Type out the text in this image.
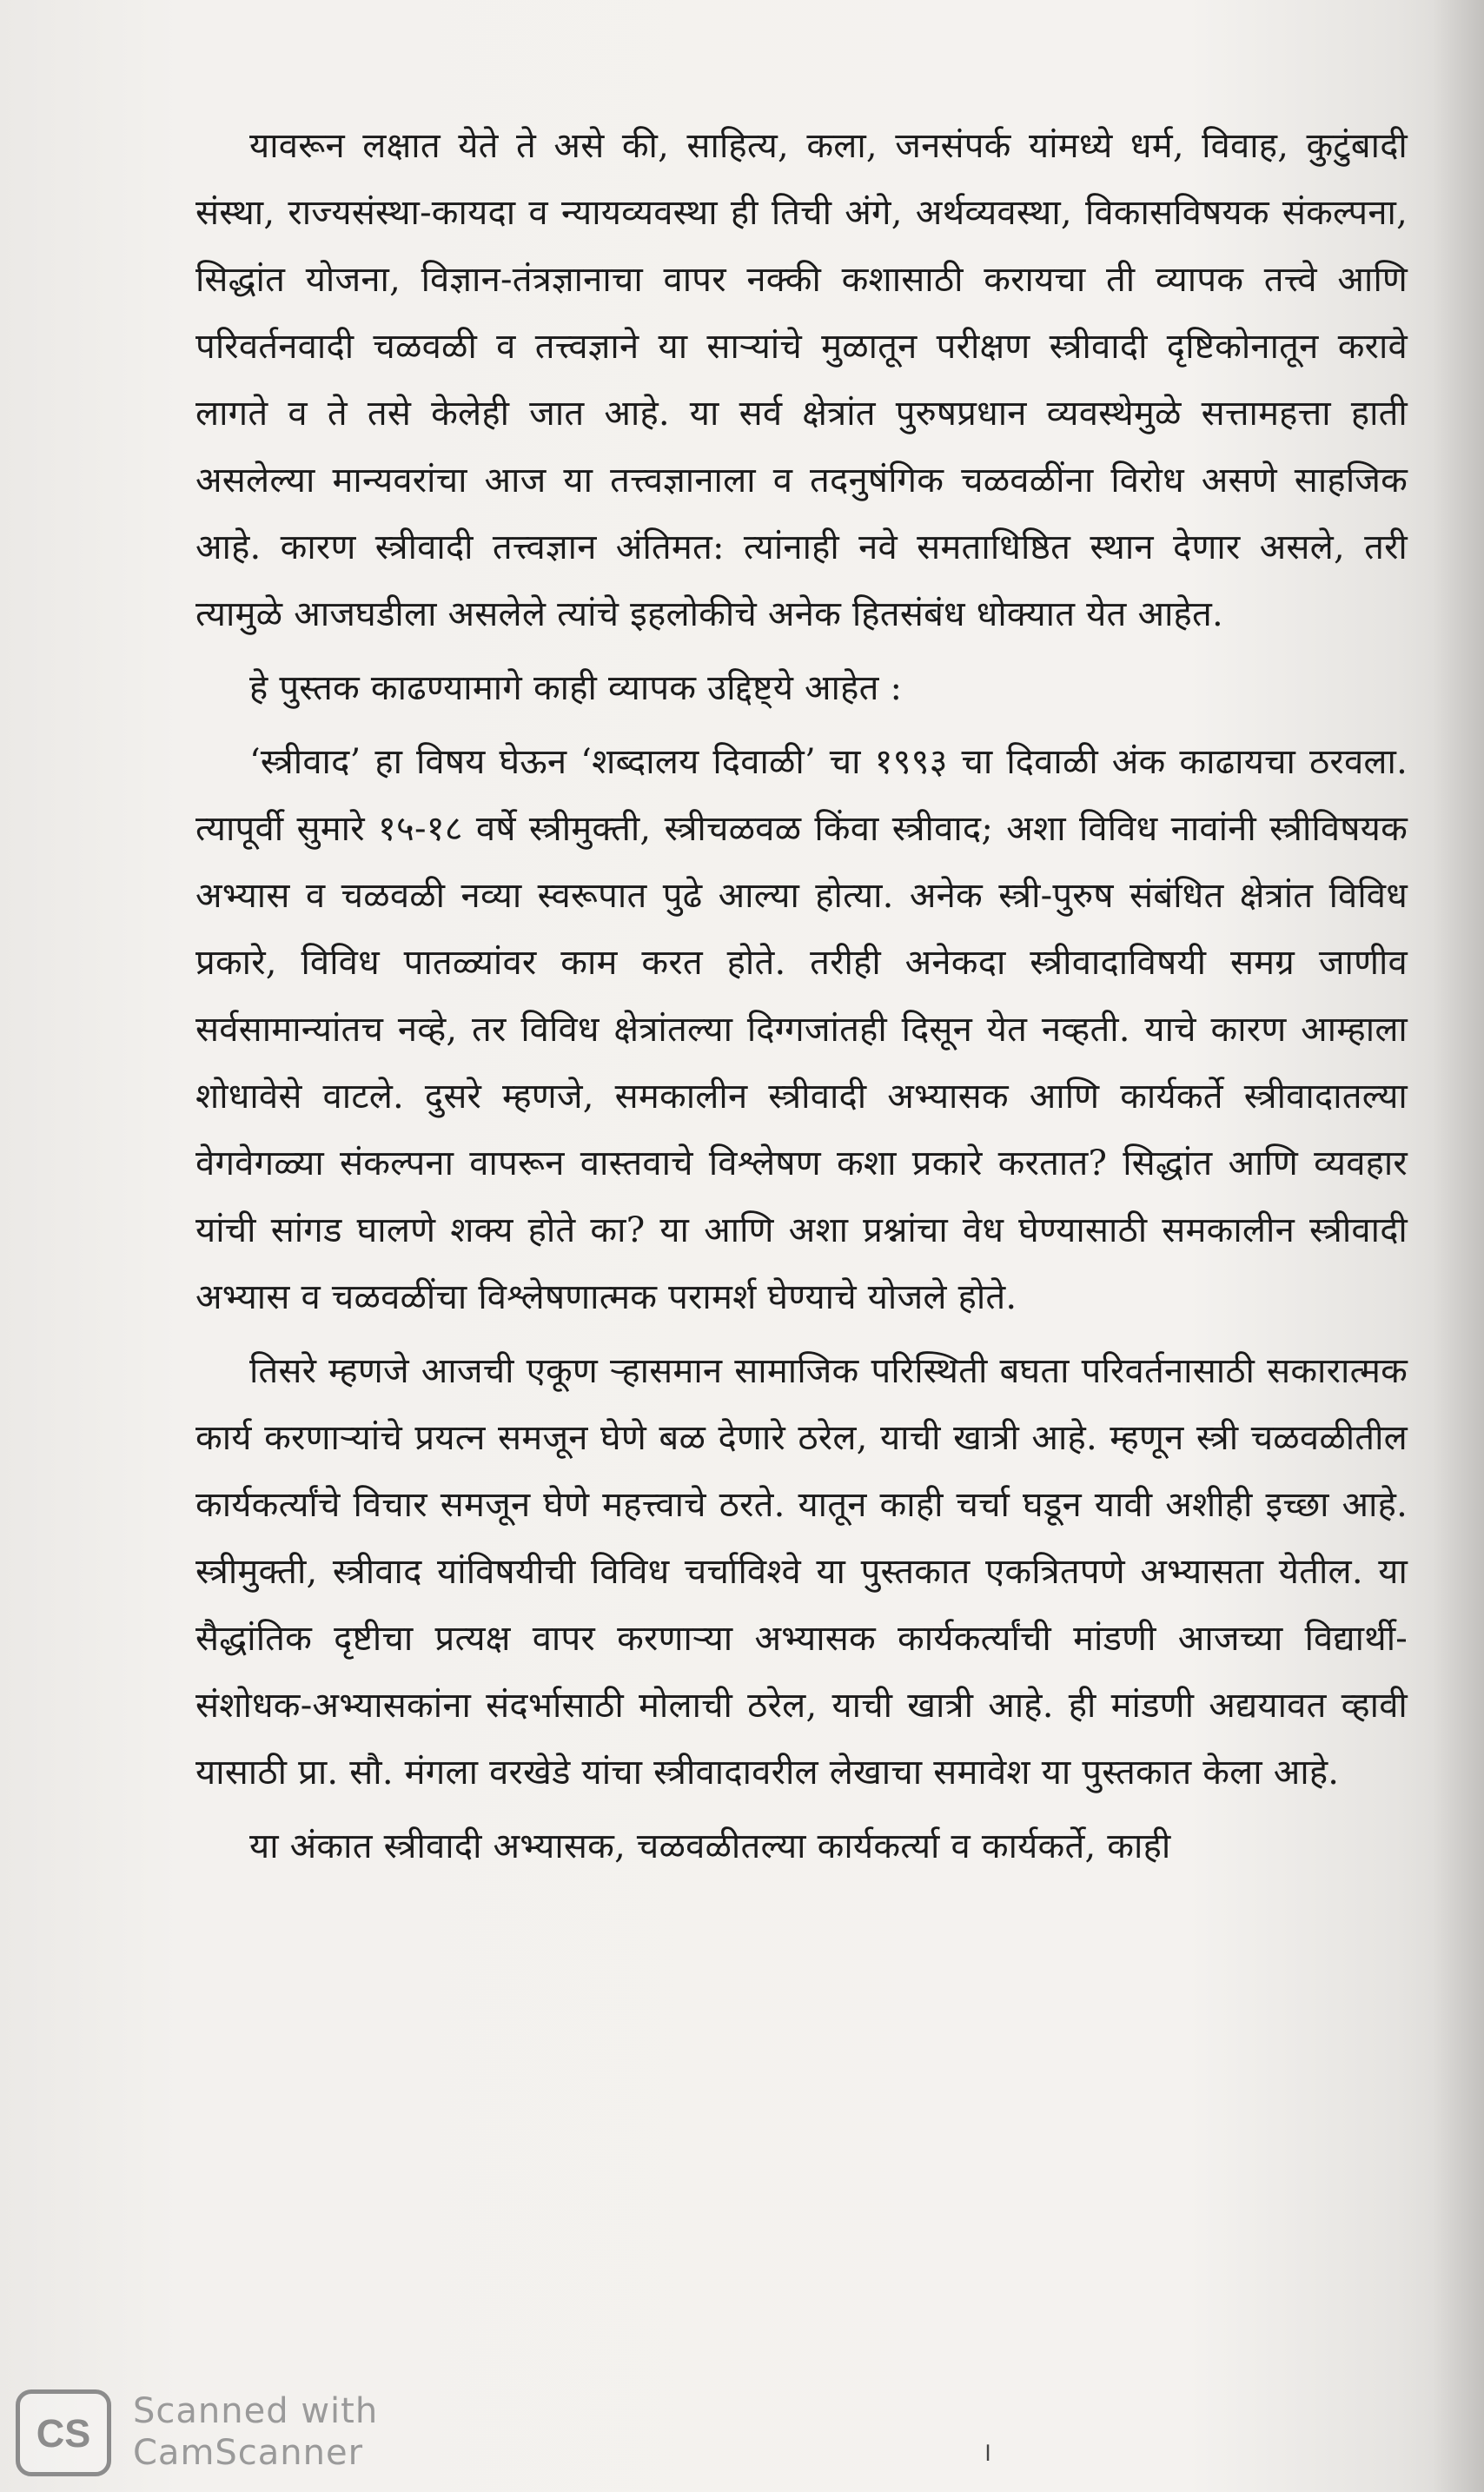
यावरून लक्षात येते ते असे की, साहित्य, कला, जनसंपर्क यांमध्ये धर्म, विवाह, कुटुंबादी संस्था, राज्यसंस्था-कायदा व न्यायव्यवस्था ही तिची अंगे, अर्थव्यवस्था, विकासविषयक संकल्पना, सिद्धांत योजना, विज्ञान-तंत्रज्ञानाचा वापर नक्की कशासाठी करायचा ती व्यापक तत्त्वे आणि परिवर्तनवादी चळवळी व तत्त्वज्ञाने या साऱ्यांचे मुळातून परीक्षण स्त्रीवादी दृष्टिकोनातून करावे लागते व ते तसे केलेही जात आहे. या सर्व क्षेत्रांत पुरुषप्रधान व्यवस्थेमुळे सत्तामहत्ता हाती असलेल्या मान्यवरांचा आज या तत्त्वज्ञानाला व तदनुषंगिक चळवळींना विरोध असणे साहजिक आहे. कारण स्त्रीवादी तत्त्वज्ञान अंतिमत: त्यांनाही नवे समताधिष्ठित स्थान देणार असले, तरी त्यामुळे आजघडीला असलेले त्यांचे इहलोकीचे अनेक हितसंबंध धोक्यात येत आहेत.

हे पुस्तक काढण्यामागे काही व्यापक उद्दिष्ट्ये आहेत :

‘स्त्रीवाद’ हा विषय घेऊन ‘शब्दालय दिवाळी’ चा १९९३ चा दिवाळी अंक काढायचा ठरवला. त्यापूर्वी सुमारे १५-१८ वर्षे स्त्रीमुक्ती, स्त्रीचळवळ किंवा स्त्रीवाद; अशा विविध नावांनी स्त्रीविषयक अभ्यास व चळवळी नव्या स्वरूपात पुढे आल्या होत्या. अनेक स्त्री-पुरुष संबंधित क्षेत्रांत विविध प्रकारे, विविध पातळ्यांवर काम करत होते. तरीही अनेकदा स्त्रीवादाविषयी समग्र जाणीव सर्वसामान्यांतच नव्हे, तर विविध क्षेत्रांतल्या दिग्गजांतही दिसून येत नव्हती. याचे कारण आम्हाला शोधावेसे वाटले. दुसरे म्हणजे, समकालीन स्त्रीवादी अभ्यासक आणि कार्यकर्ते स्त्रीवादातल्या वेगवेगळ्या संकल्पना वापरून वास्तवाचे विश्लेषण कशा प्रकारे करतात? सिद्धांत आणि व्यवहार यांची सांगड घालणे शक्य होते का? या आणि अशा प्रश्नांचा वेध घेण्यासाठी समकालीन स्त्रीवादी अभ्यास व चळवळींचा विश्लेषणात्मक परामर्श घेण्याचे योजले होते.

तिसरे म्हणजे आजची एकूण ऱ्हासमान सामाजिक परिस्थिती बघता परिवर्तनासाठी सकारात्मक कार्य करणाऱ्यांचे प्रयत्न समजून घेणे बळ देणारे ठरेल, याची खात्री आहे. म्हणून स्त्री चळवळीतील कार्यकर्त्यांचे विचार समजून घेणे महत्त्वाचे ठरते. यातून काही चर्चा घडून यावी अशीही इच्छा आहे. स्त्रीमुक्ती, स्त्रीवाद यांविषयीची विविध चर्चाविश्वे या पुस्तकात एकत्रितपणे अभ्यासता येतील. या सैद्धांतिक दृष्टीचा प्रत्यक्ष वापर करणाऱ्या अभ्यासक कार्यकर्त्यांची मांडणी आजच्या विद्यार्थी-संशोधक-अभ्यासकांना संदर्भासाठी मोलाची ठरेल, याची खात्री आहे. ही मांडणी अद्ययावत व्हावी यासाठी प्रा. सौ. मंगला वरखेडे यांचा स्त्रीवादावरील लेखाचा समावेश या पुस्तकात केला आहे.

या अंकात स्त्रीवादी अभ्यासक, चळवळीतल्या कार्यकर्त्या व कार्यकर्ते, काही

।
CS
Scanned with
CamScanner
